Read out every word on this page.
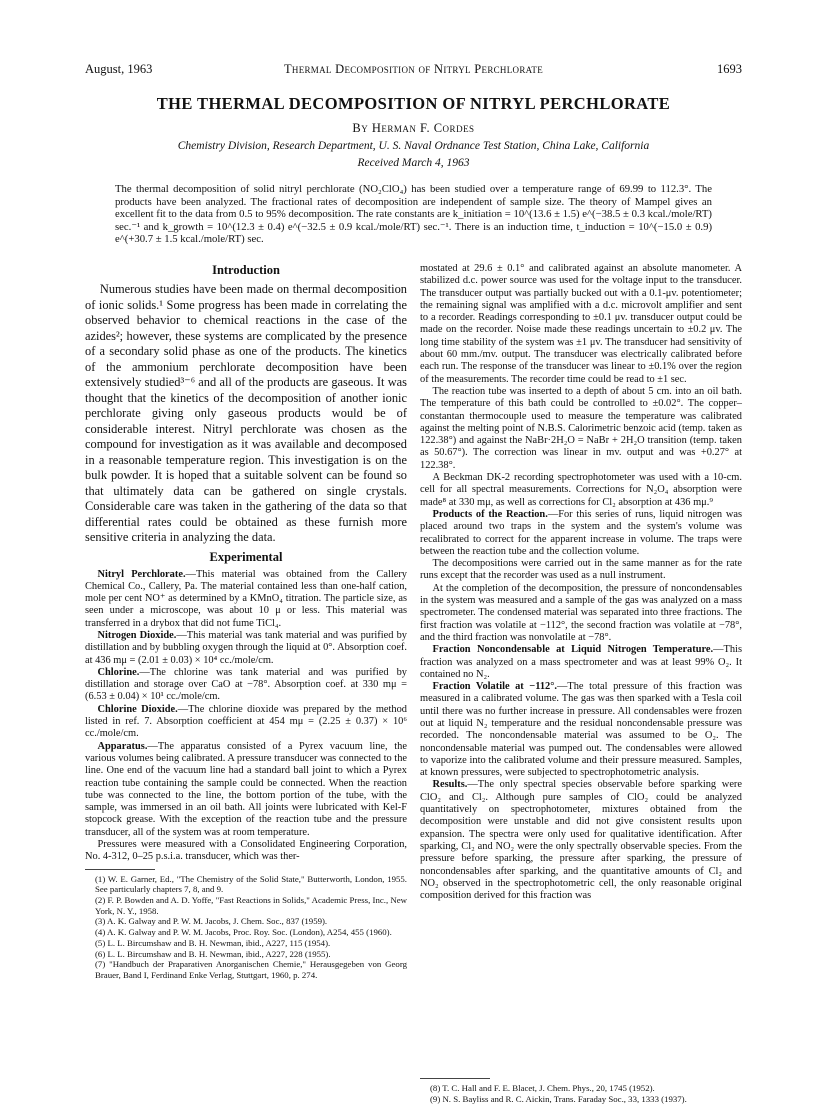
August, 1963	Thermal Decomposition of Nitryl Perchlorate	1693
THE THERMAL DECOMPOSITION OF NITRYL PERCHLORATE
By Herman F. Cordes
Chemistry Division, Research Department, U. S. Naval Ordnance Test Station, China Lake, California
Received March 4, 1963

The thermal decomposition of solid nitryl perchlorate (NO₂ClO₄) has been studied over a temperature range of 69.99 to 112.3°. The products have been analyzed. The fractional rates of decomposition are independent of sample size. The theory of Mampel gives an excellent fit to the data from 0.5 to 95% decomposition. The rate constants are k_initiation = 10^(13.6 ± 1.5) e^(−38.5 ± 0.3 kcal./mole/RT) sec.⁻¹ and k_growth = 10^(12.3 ± 0.4) e^(−32.5 ± 0.9 kcal./mole/RT) sec.⁻¹. There is an induction time, t_induction = 10^(−15.0 ± 0.9) e^(+30.7 ± 1.5 kcal./mole/RT) sec.

Introduction

Numerous studies have been made on thermal decomposition of ionic solids.¹ Some progress has been made in correlating the observed behavior to chemical reactions in the case of the azides²; however, these systems are complicated by the presence of a secondary solid phase as one of the products. The kinetics of the ammonium perchlorate decomposition have been extensively studied³⁻⁶ and all of the products are gaseous. It was thought that the kinetics of the decomposition of another ionic perchlorate giving only gaseous products would be of considerable interest. Nitryl perchlorate was chosen as the compound for investigation as it was available and decomposed in a reasonable temperature region. This investigation is on the bulk powder. It is hoped that a suitable solvent can be found so that ultimately data can be gathered on single crystals. Considerable care was taken in the gathering of the data so that differential rates could be obtained as these furnish more sensitive criteria in analyzing the data.

Experimental

Nitryl Perchlorate.—This material was obtained from the Callery Chemical Co., Callery, Pa. The material contained less than one-half cation, mole per cent NO⁺ as determined by a KMnO₄ titration. The particle size, as seen under a microscope, was about 10 μ or less. This material was transferred in a drybox that did not fume TiCl₄.

Nitrogen Dioxide.—This material was tank material and was purified by distillation and by bubbling oxygen through the liquid at 0°. Absorption coef. at 436 mμ = (2.01 ± 0.03) × 10⁴ cc./mole/cm.

Chlorine.—The chlorine was tank material and was purified by distillation and storage over CaO at −78°. Absorption coef. at 330 mμ = (6.53 ± 0.04) × 10¹ cc./mole/cm.

Chlorine Dioxide.—The chlorine dioxide was prepared by the method listed in ref. 7. Absorption coefficient at 454 mμ = (2.25 ± 0.37) × 10⁶ cc./mole/cm.

Apparatus.—The apparatus consisted of a Pyrex vacuum line, the various volumes being calibrated. A pressure transducer was connected to the line. One end of the vacuum line had a standard ball joint to which a Pyrex reaction tube containing the sample could be connected. When the reaction tube was connected to the line, the bottom portion of the tube, with the sample, was immersed in an oil bath. All joints were lubricated with Kel-F stopcock grease. With the exception of the reaction tube and the pressure transducer, all of the system was at room temperature.

Pressures were measured with a Consolidated Engineering Corporation, No. 4-312, 0–25 p.s.i.a. transducer, which was ther-

(1) W. E. Garner, Ed., "The Chemistry of the Solid State," Butterworth, London, 1955. See particularly chapters 7, 8, and 9.

(2) F. P. Bowden and A. D. Yoffe, "Fast Reactions in Solids," Academic Press, Inc., New York, N. Y., 1958.

(3) A. K. Galway and P. W. M. Jacobs, J. Chem. Soc., 837 (1959).

(4) A. K. Galway and P. W. M. Jacobs, Proc. Roy. Soc. (London), A254, 455 (1960).

(5) L. L. Bircumshaw and B. H. Newman, ibid., A227, 115 (1954).

(6) L. L. Bircumshaw and B. H. Newman, ibid., A227, 228 (1955).

(7) "Handbuch der Praparativen Anorganischen Chemie," Herausgegeben von Georg Brauer, Band I, Ferdinand Enke Verlag, Stuttgart, 1960, p. 274.

mostated at 29.6 ± 0.1° and calibrated against an absolute manometer. A stabilized d.c. power source was used for the voltage input to the transducer. The transducer output was partially bucked out with a 0.1-μv. potentiometer; the remaining signal was amplified with a d.c. microvolt amplifier and sent to a recorder. Readings corresponding to ±0.1 μv. transducer output could be made on the recorder. Noise made these readings uncertain to ±0.2 μv. The long time stability of the system was ±1 μv. The transducer had sensitivity of about 60 mm./mv. output. The transducer was electrically calibrated before each run. The response of the transducer was linear to ±0.1% over the region of the measurements. The recorder time could be read to ±1 sec.

The reaction tube was inserted to a depth of about 5 cm. into an oil bath. The temperature of this bath could be controlled to ±0.02°. The copper–constantan thermocouple used to measure the temperature was calibrated against the melting point of N.B.S. Calorimetric benzoic acid (temp. taken as 122.38°) and against the NaBr·2H₂O = NaBr + 2H₂O transition (temp. taken as 50.67°). The correction was linear in mv. output and was +0.27° at 122.38°.

A Beckman DK-2 recording spectrophotometer was used with a 10-cm. cell for all spectral measurements. Corrections for N₂O₄ absorption were made⁸ at 330 mμ, as well as corrections for Cl₂ absorption at 436 mμ.⁹

Products of the Reaction.—For this series of runs, liquid nitrogen was placed around two traps in the system and the system's volume was recalibrated to correct for the apparent increase in volume. The traps were between the reaction tube and the collection volume.

The decompositions were carried out in the same manner as for the rate runs except that the recorder was used as a null instrument.

At the completion of the decomposition, the pressure of noncondensables in the system was measured and a sample of the gas was analyzed on a mass spectrometer. The condensed material was separated into three fractions. The first fraction was volatile at −112°, the second fraction was volatile at −78°, and the third fraction was nonvolatile at −78°.

Fraction Noncondensable at Liquid Nitrogen Temperature.—This fraction was analyzed on a mass spectrometer and was at least 99% O₂. It contained no N₂.

Fraction Volatile at −112°.—The total pressure of this fraction was measured in a calibrated volume. The gas was then sparked with a Tesla coil until there was no further increase in pressure. All condensables were frozen out at liquid N₂ temperature and the residual noncondensable pressure was recorded. The noncondensable material was assumed to be O₂. The noncondensable material was pumped out. The condensables were allowed to vaporize into the calibrated volume and their pressure measured. Samples, at known pressures, were subjected to spectrophotometric analysis.

Results.—The only spectral species observable before sparking were ClO₂ and Cl₂. Although pure samples of ClO₂ could be analyzed quantitatively on spectrophotometer, mixtures obtained from the decomposition were unstable and did not give consistent results upon expansion. The spectra were only used for qualitative identification. After sparking, Cl₂ and NO₂ were the only spectrally observable species. From the pressure before sparking, the pressure after sparking, the pressure of noncondensables after sparking, and the quantitative amounts of Cl₂ and NO₂ observed in the spectrophotometric cell, the only reasonable original composition derived for this fraction was

(8) T. C. Hall and F. E. Blacet, J. Chem. Phys., 20, 1745 (1952).

(9) N. S. Bayliss and R. C. Aickin, Trans. Faraday Soc., 33, 1333 (1937).
